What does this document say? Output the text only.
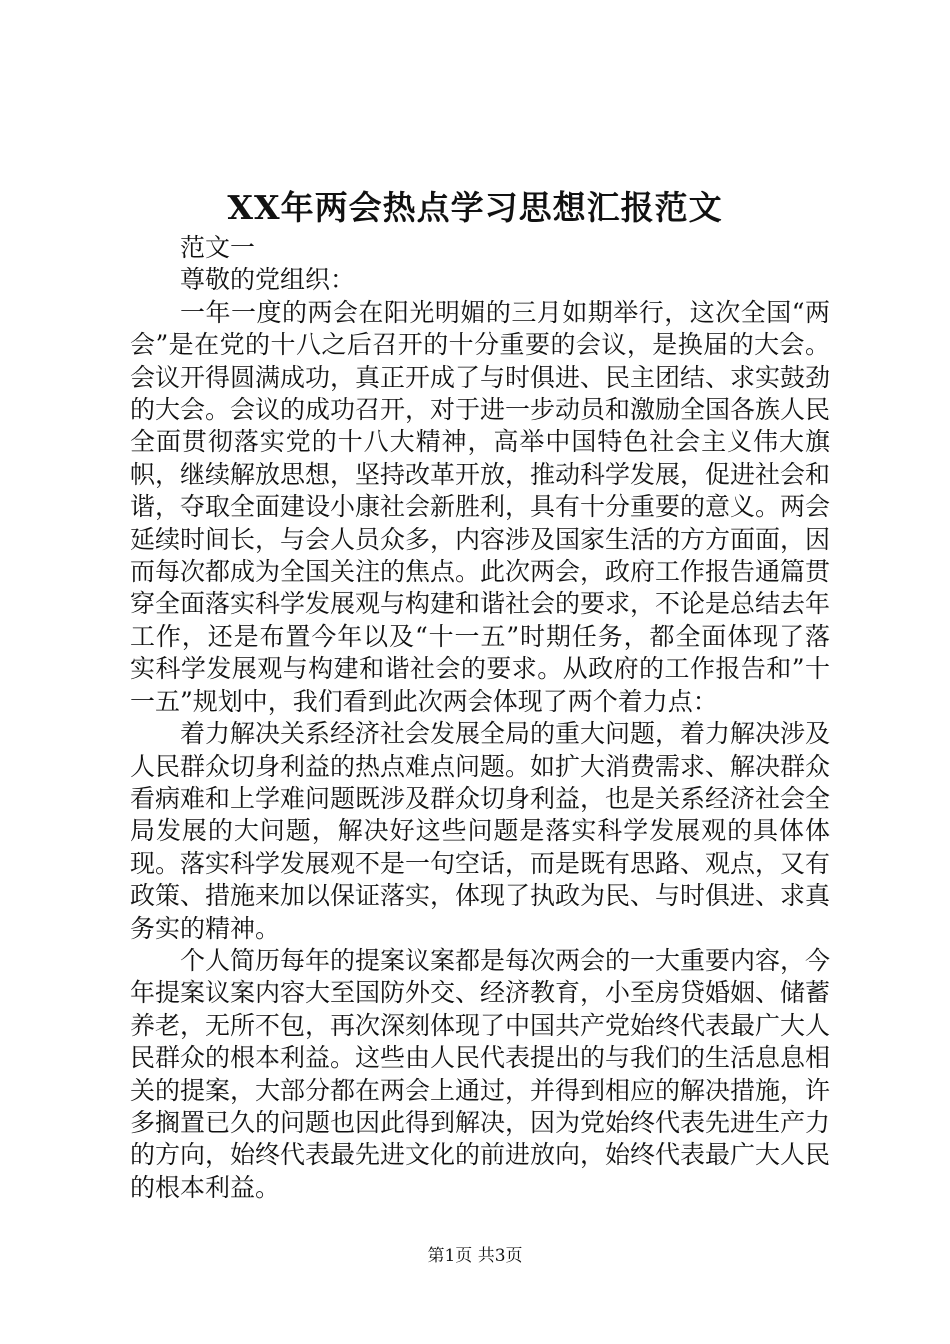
XX年两会热点学习思想汇报范文

范文一

尊敬的党组织：

一年一度的两会在阳光明媚的三月如期举行，这次全国“两会”是在党的十八之后召开的十分重要的会议，是换届的大会。会议开得圆满成功，真正开成了与时俱进、民主团结、求实鼓劲的大会。会议的成功召开，对于进一步动员和激励全国各族人民全面贯彻落实党的十八大精神，高举中国特色社会主义伟大旗帜，继续解放思想，坚持改革开放，推动科学发展，促进社会和谐，夺取全面建设小康社会新胜利，具有十分重要的意义。两会延续时间长，与会人员众多，内容涉及国家生活的方方面面，因而每次都成为全国关注的焦点。此次两会，政府工作报告通篇贯穿全面落实科学发展观与构建和谐社会的要求，不论是总结去年工作，还是布置今年以及“十一五”时期任务，都全面体现了落实科学发展观与构建和谐社会的要求。从政府的工作报告和”十一五”规划中，我们看到此次两会体现了两个着力点：

着力解决关系经济社会发展全局的重大问题，着力解决涉及人民群众切身利益的热点难点问题。如扩大消费需求、解决群众看病难和上学难问题既涉及群众切身利益，也是关系经济社会全局发展的大问题，解决好这些问题是落实科学发展观的具体体现。落实科学发展观不是一句空话，而是既有思路、观点，又有政策、措施来加以保证落实，体现了执政为民、与时俱进、求真务实的精神。

个人简历每年的提案议案都是每次两会的一大重要内容，今年提案议案内容大至国防外交、经济教育，小至房贷婚姻、储蓄养老，无所不包，再次深刻体现了中国共产党始终代表最广大人民群众的根本利益。这些由人民代表提出的与我们的生活息息相关的提案，大部分都在两会上通过，并得到相应的解决措施，许多搁置已久的问题也因此得到解决，因为党始终代表先进生产力的方向，始终代表最先进文化的前进放向，始终代表最广大人民的根本利益。

第1页 共3页
